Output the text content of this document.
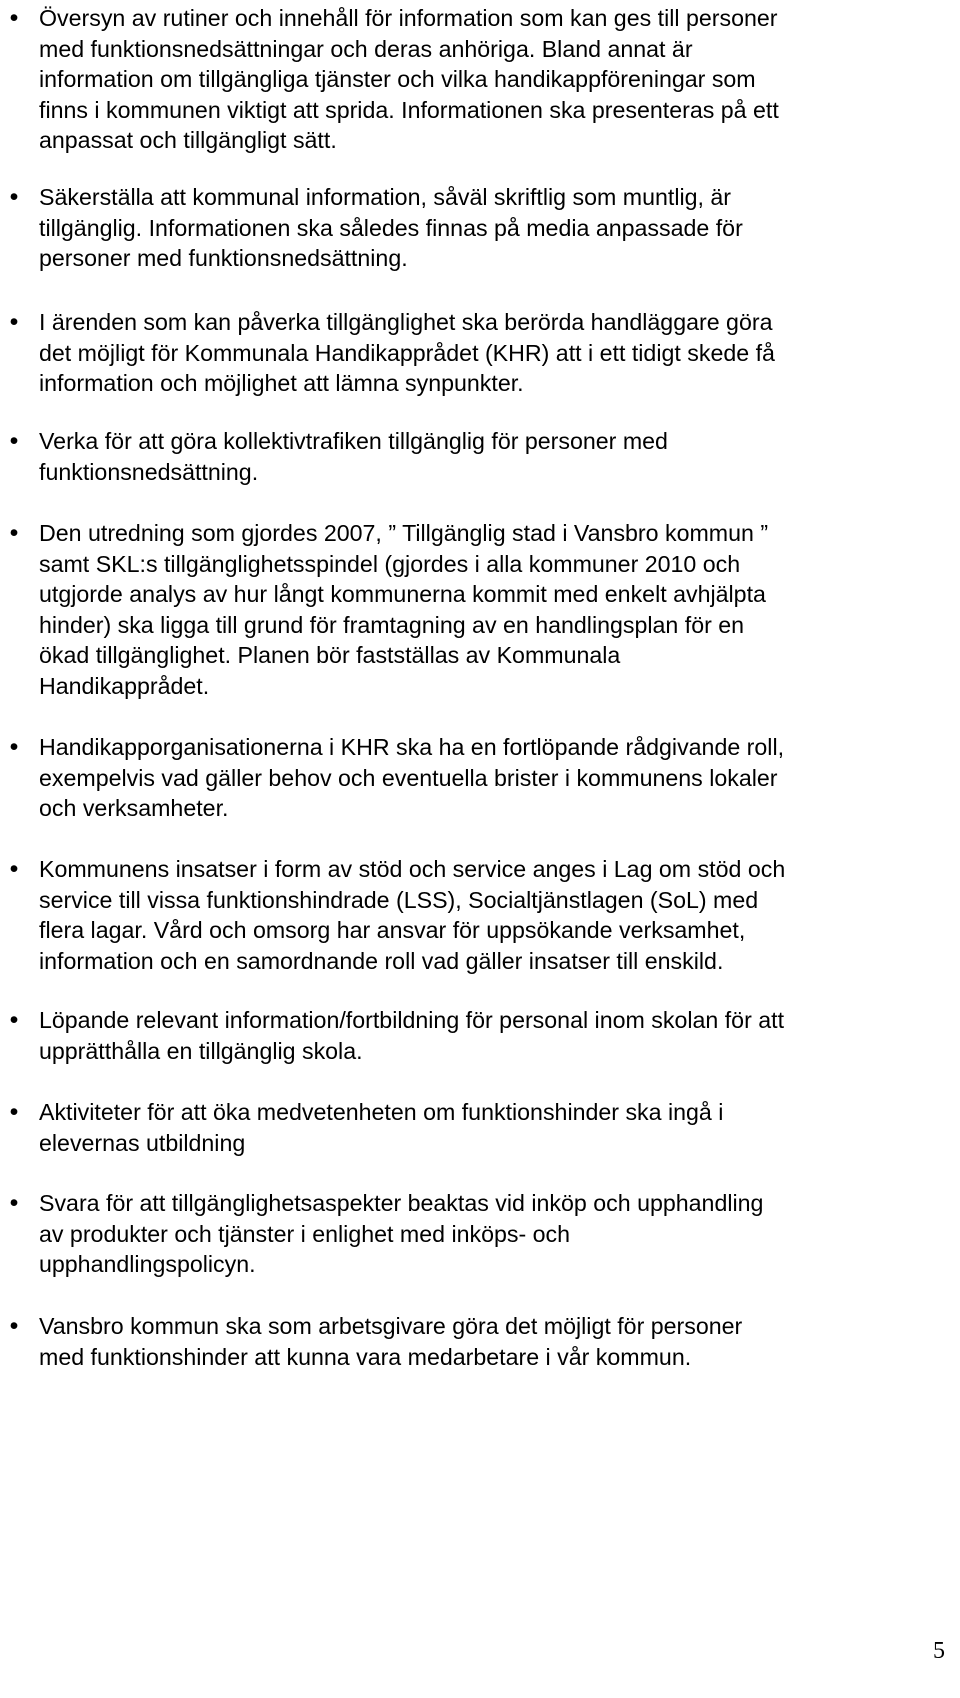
• Översyn av rutiner och innehåll för information som kan ges till personer
med funktionsnedsättningar och deras anhöriga. Bland annat är
information om tillgängliga tjänster och vilka handikappföreningar som
finns i kommunen viktigt att sprida. Informationen ska presenteras på ett
anpassat och tillgängligt sätt.

• Säkerställa att kommunal information, såväl skriftlig som muntlig, är
tillgänglig. Informationen ska således finnas på media anpassade för
personer med funktionsnedsättning.

• I ärenden som kan påverka tillgänglighet ska berörda handläggare göra
det möjligt för Kommunala Handikapprådet (KHR) att i ett tidigt skede få
information och möjlighet att lämna synpunkter.

• Verka för att göra kollektivtrafiken tillgänglig för personer med
funktionsnedsättning.

• Den utredning som gjordes 2007, ” Tillgänglig stad i Vansbro kommun ”
samt SKL:s tillgänglighetsspindel (gjordes i alla kommuner 2010 och
utgjorde analys av hur långt kommunerna kommit med enkelt avhjälpta
hinder) ska ligga till grund för framtagning av en handlingsplan för en
ökad tillgänglighet. Planen bör fastställas av Kommunala
Handikapprådet.

• Handikapporganisationerna i KHR ska ha en fortlöpande rådgivande roll,
exempelvis vad gäller behov och eventuella brister i kommunens lokaler
och verksamheter.

• Kommunens insatser i form av stöd och service anges i Lag om stöd och
service till vissa funktionshindrade (LSS), Socialtjänstlagen (SoL) med
flera lagar. Vård och omsorg har ansvar för uppsökande verksamhet,
information och en samordnande roll vad gäller insatser till enskild.

• Löpande relevant information/fortbildning för personal inom skolan för att
upprätthålla en tillgänglig skola.

• Aktiviteter för att öka medvetenheten om funktionshinder ska ingå i
elevernas utbildning

• Svara för att tillgänglighetsaspekter beaktas vid inköp och upphandling
av produkter och tjänster i enlighet med inköps- och
upphandlingspolicyn.

• Vansbro kommun ska som arbetsgivare göra det möjligt för personer
med funktionshinder att kunna vara medarbetare i vår kommun.

5
